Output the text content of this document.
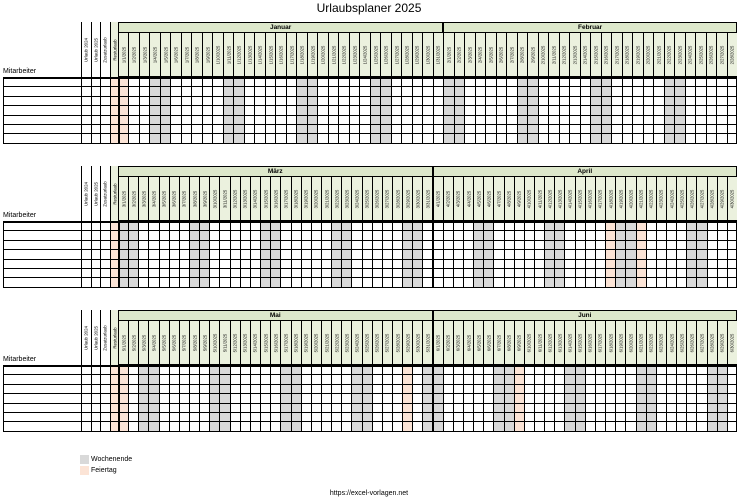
Urlaubsplaner 2025
Mitarbeiter
Urlaub 2024 Urlaub 2025 Zusatzurlaub Resturlaub
Januar
1/1/2025 1/2/2025 1/3/2025 1/4/2025 1/5/2025 1/6/2025 1/7/2025 1/8/2025 1/9/2025 1/10/2025 1/11/2025 1/12/2025 1/13/2025 1/14/2025 1/15/2025 1/16/2025 1/17/2025 1/18/2025 1/19/2025 1/20/2025 1/21/2025 1/22/2025 1/23/2025 1/24/2025 1/25/2025 1/26/2025 1/27/2025 1/28/2025 1/29/2025 1/30/2025 1/31/2025
Februar
2/1/2025 2/2/2025 2/3/2025 2/4/2025 2/5/2025 2/6/2025 2/7/2025 2/8/2025 2/9/2025 2/10/2025 2/11/2025 2/12/2025 2/13/2025 2/14/2025 2/15/2025 2/16/2025 2/17/2025 2/18/2025 2/19/2025 2/20/2025 2/21/2025 2/22/2025 2/23/2025 2/24/2025 2/25/2025 2/26/2025 2/27/2025 2/28/2025
Mitarbeiter
Urlaub 2024 Urlaub 2025 Zusatzurlaub Resturlaub
März
3/1/2025 3/2/2025 3/3/2025 3/4/2025 3/5/2025 3/6/2025 3/7/2025 3/8/2025 3/9/2025 3/10/2025 3/11/2025 3/12/2025 3/13/2025 3/14/2025 3/15/2025 3/16/2025 3/17/2025 3/18/2025 3/19/2025 3/20/2025 3/21/2025 3/22/2025 3/23/2025 3/24/2025 3/25/2025 3/26/2025 3/27/2025 3/28/2025 3/29/2025 3/30/2025 3/31/2025
April
4/1/2025 4/2/2025 4/3/2025 4/4/2025 4/5/2025 4/6/2025 4/7/2025 4/8/2025 4/9/2025 4/10/2025 4/11/2025 4/12/2025 4/13/2025 4/14/2025 4/15/2025 4/16/2025 4/17/2025 4/18/2025 4/19/2025 4/20/2025 4/21/2025 4/22/2025 4/23/2025 4/24/2025 4/25/2025 4/26/2025 4/27/2025 4/28/2025 4/29/2025 4/30/2025
Mitarbeiter
Urlaub 2024 Urlaub 2025 Zusatzurlaub Resturlaub
Mai
5/1/2025 5/2/2025 5/3/2025 5/4/2025 5/5/2025 5/6/2025 5/7/2025 5/8/2025 5/9/2025 5/10/2025 5/11/2025 5/12/2025 5/13/2025 5/14/2025 5/15/2025 5/16/2025 5/17/2025 5/18/2025 5/19/2025 5/20/2025 5/21/2025 5/22/2025 5/23/2025 5/24/2025 5/25/2025 5/26/2025 5/27/2025 5/28/2025 5/29/2025 5/30/2025 5/31/2025
Juni
6/1/2025 6/2/2025 6/3/2025 6/4/2025 6/5/2025 6/6/2025 6/7/2025 6/8/2025 6/9/2025 6/10/2025 6/11/2025 6/12/2025 6/13/2025 6/14/2025 6/15/2025 6/16/2025 6/17/2025 6/18/2025 6/19/2025 6/20/2025 6/21/2025 6/22/2025 6/23/2025 6/24/2025 6/25/2025 6/26/2025 6/27/2025 6/28/2025 6/29/2025 6/30/2025
Wochenende
Feiertag
https://excel-vorlagen.net
